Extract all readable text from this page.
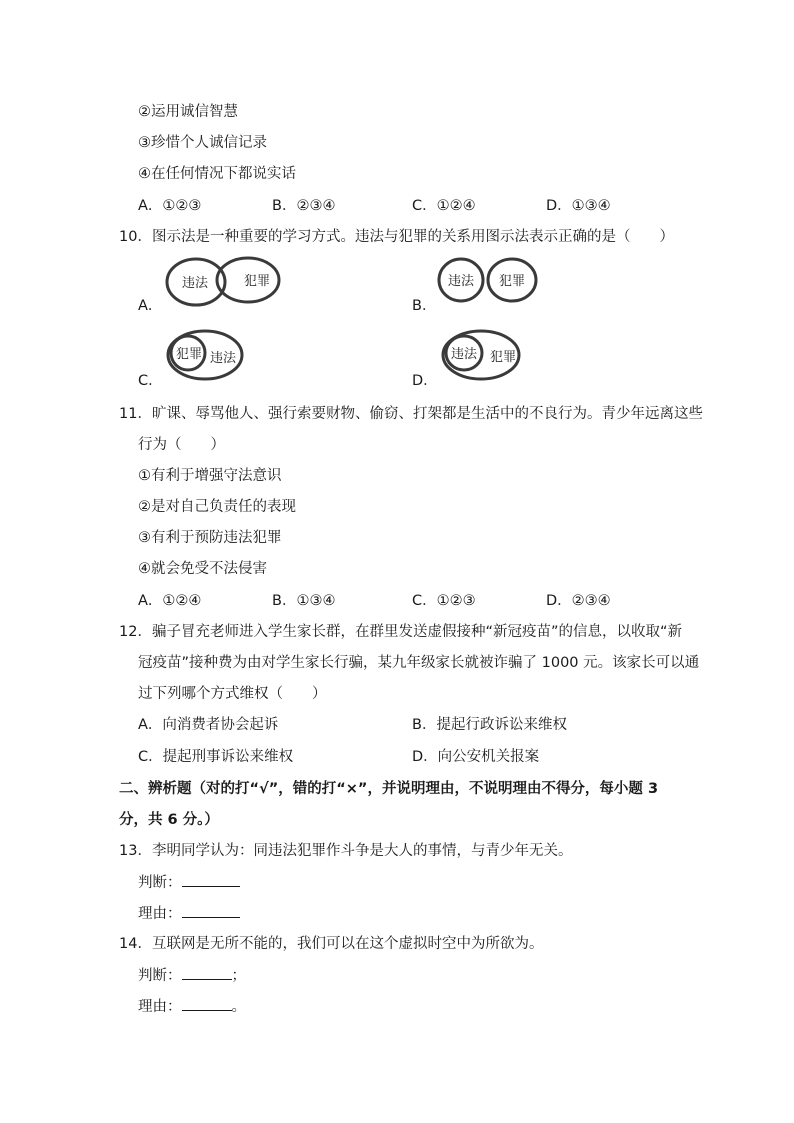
②运用诚信智慧
③珍惜个人诚信记录
④在任何情况下都说实话
A．①②③	B．②③④	C．①②④	D．①③④
10．图示法是一种重要的学习方式。违法与犯罪的关系用图示法表示正确的是（　　）
A．
违法	犯罪
B．
违法 犯罪
C．
犯罪 违法
D．
违法 犯罪
11．旷课、辱骂他人、强行索要财物、偷窃、打架都是生活中的不良行为。青少年远离这些
行为（　　）
①有利于增强守法意识
②是对自己负责任的表现
③有利于预防违法犯罪
④就会免受不法侵害
A．①②④	B．①③④	C．①②③	D．②③④
12．骗子冒充老师进入学生家长群，在群里发送虚假接种“新冠疫苗”的信息，以收取“新
冠疫苗”接种费为由对学生家长行骗，某九年级家长就被诈骗了 1000 元。该家长可以通
过下列哪个方式维权（　　）
A．向消费者协会起诉	B．提起行政诉讼来维权
C．提起刑事诉讼来维权	D．向公安机关报案
二、辨析题（对的打“√”，错的打“×”，并说明理由，不说明理由不得分，每小题 3
分，共 6 分。）
13．李明同学认为：同违法犯罪作斗争是大人的事情，与青少年无关。
判断：
理由：
14．互联网是无所不能的，我们可以在这个虚拟时空中为所欲为。
判断：	；
理由：	。
